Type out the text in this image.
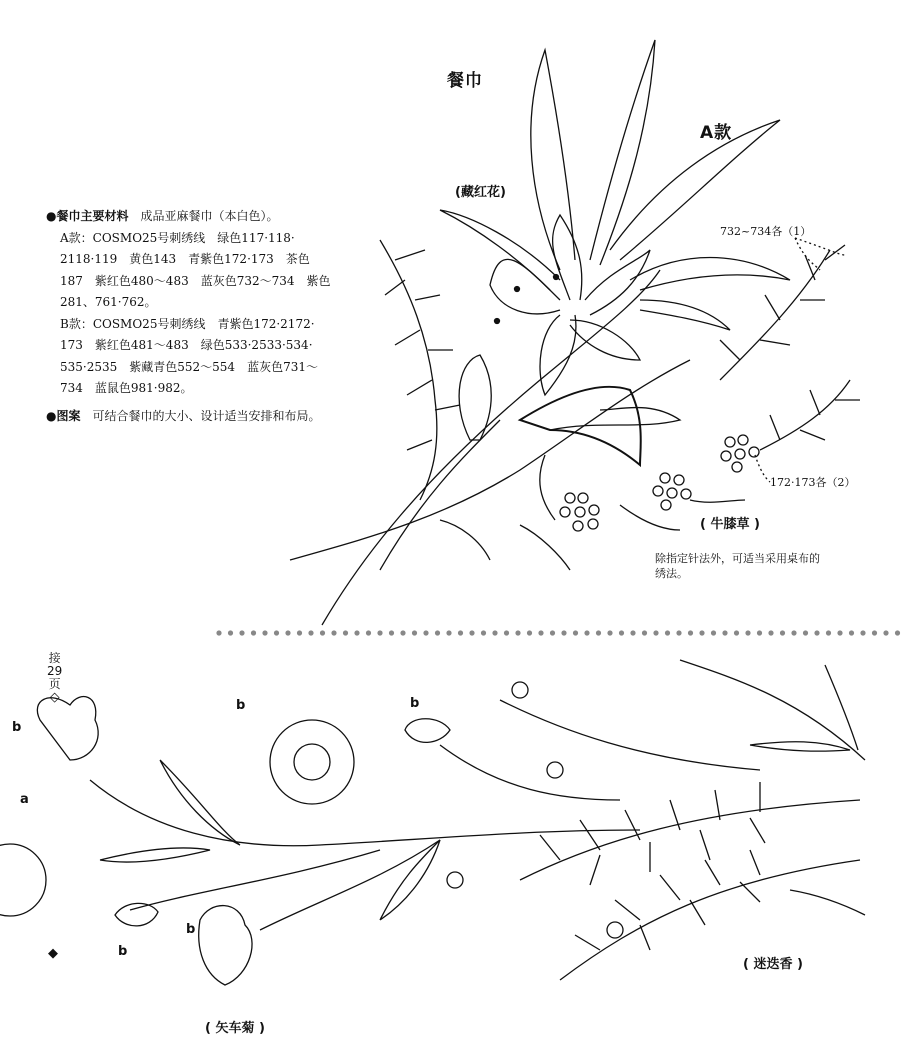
餐巾
A款
(藏红花)
732~734各（1）
172·173各（2）
( 牛膝草 )
除指定针法外，可适当采用桌布的
绣法。

●餐巾主要材料　 成品亚麻餐巾（本白色）。

A款：COSMO25号刺绣线　绿色117·118·

2118·119　黄色143　青紫色172·173　茶色

187　紫红色480～483　蓝灰色732～734　紫色

281、761·762。

B款：COSMO25号刺绣线　青紫色172·2172·

173　紫红色481～483　绿色533·2533·534·

535·2535　紫藏青色552～554　蓝灰色731～

734　蓝鼠色981·982。

●图案　 可结合餐巾的大小、设计适当安排和布局。

接
29
页
◇
◆
b
b	b
a
b
b
( 矢车菊 )
( 迷迭香 )
